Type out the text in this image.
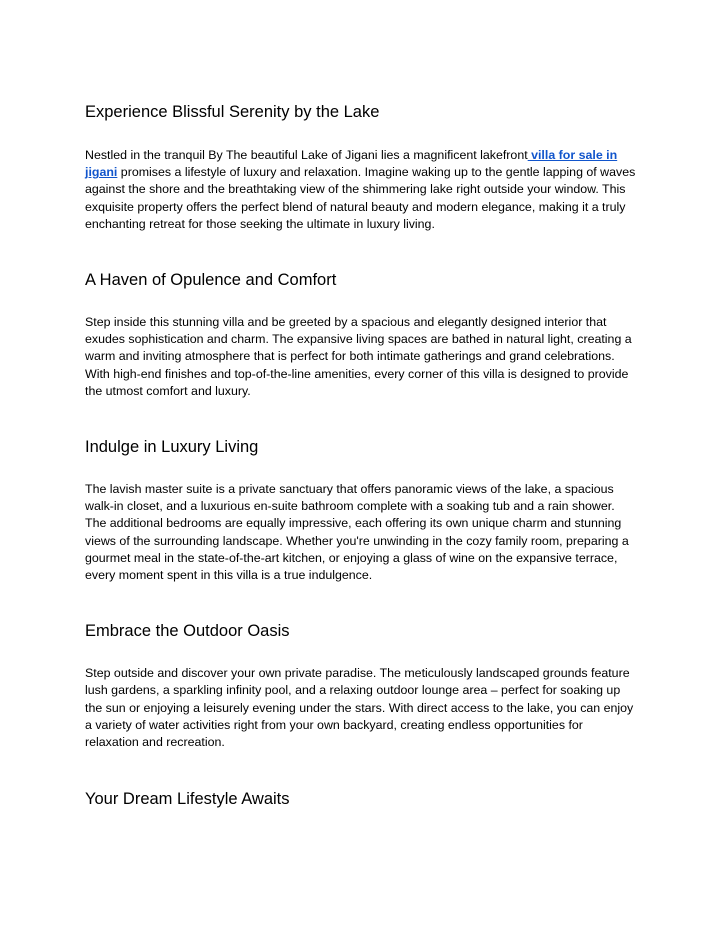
Experience Blissful Serenity by the Lake

Nestled in the tranquil By The beautiful Lake of Jigani lies a magnificent lakefront villa for sale in jigani promises a lifestyle of luxury and relaxation. Imagine waking up to the gentle lapping of waves against the shore and the breathtaking view of the shimmering lake right outside your window. This exquisite property offers the perfect blend of natural beauty and modern elegance, making it a truly enchanting retreat for those seeking the ultimate in luxury living.

A Haven of Opulence and Comfort

Step inside this stunning villa and be greeted by a spacious and elegantly designed interior that exudes sophistication and charm. The expansive living spaces are bathed in natural light, creating a warm and inviting atmosphere that is perfect for both intimate gatherings and grand celebrations. With high-end finishes and top-of-the-line amenities, every corner of this villa is designed to provide the utmost comfort and luxury.

Indulge in Luxury Living

The lavish master suite is a private sanctuary that offers panoramic views of the lake, a spacious walk-in closet, and a luxurious en-suite bathroom complete with a soaking tub and a rain shower. The additional bedrooms are equally impressive, each offering its own unique charm and stunning views of the surrounding landscape. Whether you're unwinding in the cozy family room, preparing a gourmet meal in the state-of-the-art kitchen, or enjoying a glass of wine on the expansive terrace, every moment spent in this villa is a true indulgence.

Embrace the Outdoor Oasis

Step outside and discover your own private paradise. The meticulously landscaped grounds feature lush gardens, a sparkling infinity pool, and a relaxing outdoor lounge area – perfect for soaking up the sun or enjoying a leisurely evening under the stars. With direct access to the lake, you can enjoy a variety of water activities right from your own backyard, creating endless opportunities for relaxation and recreation.

Your Dream Lifestyle Awaits
